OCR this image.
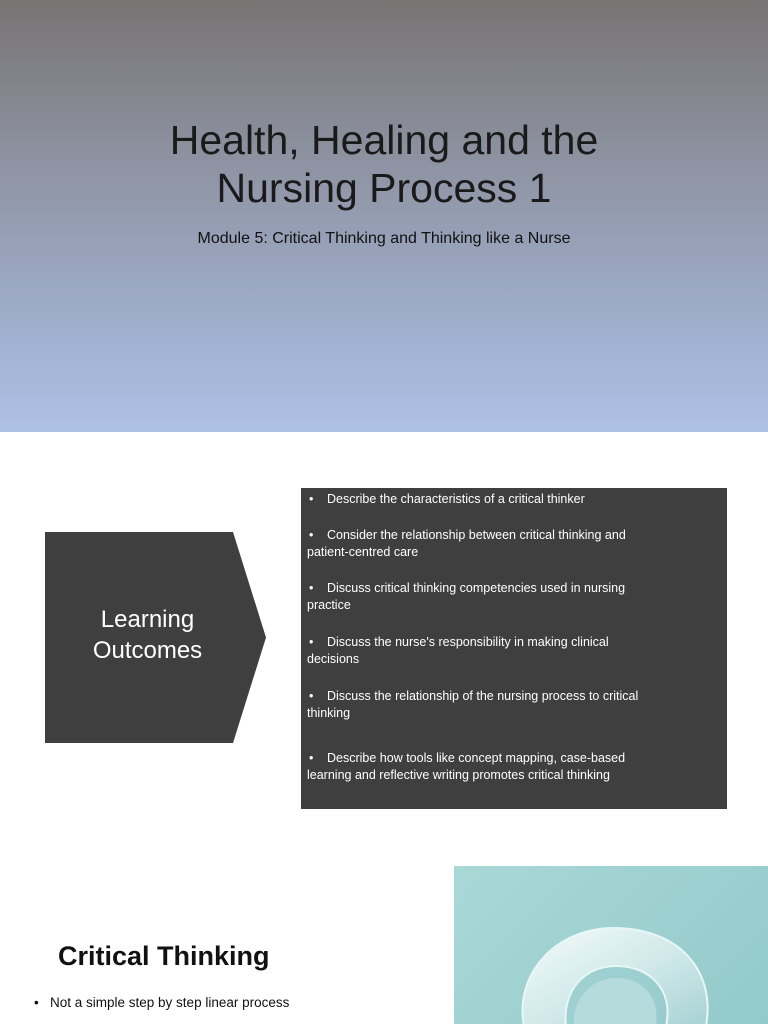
Health, Healing and the
Nursing Process 1
Module 5: Critical Thinking and Thinking like a Nurse
Learning
Outcomes
• Describe the characteristics of a critical thinker
• Consider the relationship between critical thinking and patient-centred care
• Discuss critical thinking competencies used in nursing practice
• Discuss the nurse's responsibility in making clinical decisions
• Discuss the relationship of the nursing process to critical thinking
• Describe how tools like concept mapping, case-based learning and reflective writing promotes critical thinking
Critical Thinking
• Not a simple step by step linear process
